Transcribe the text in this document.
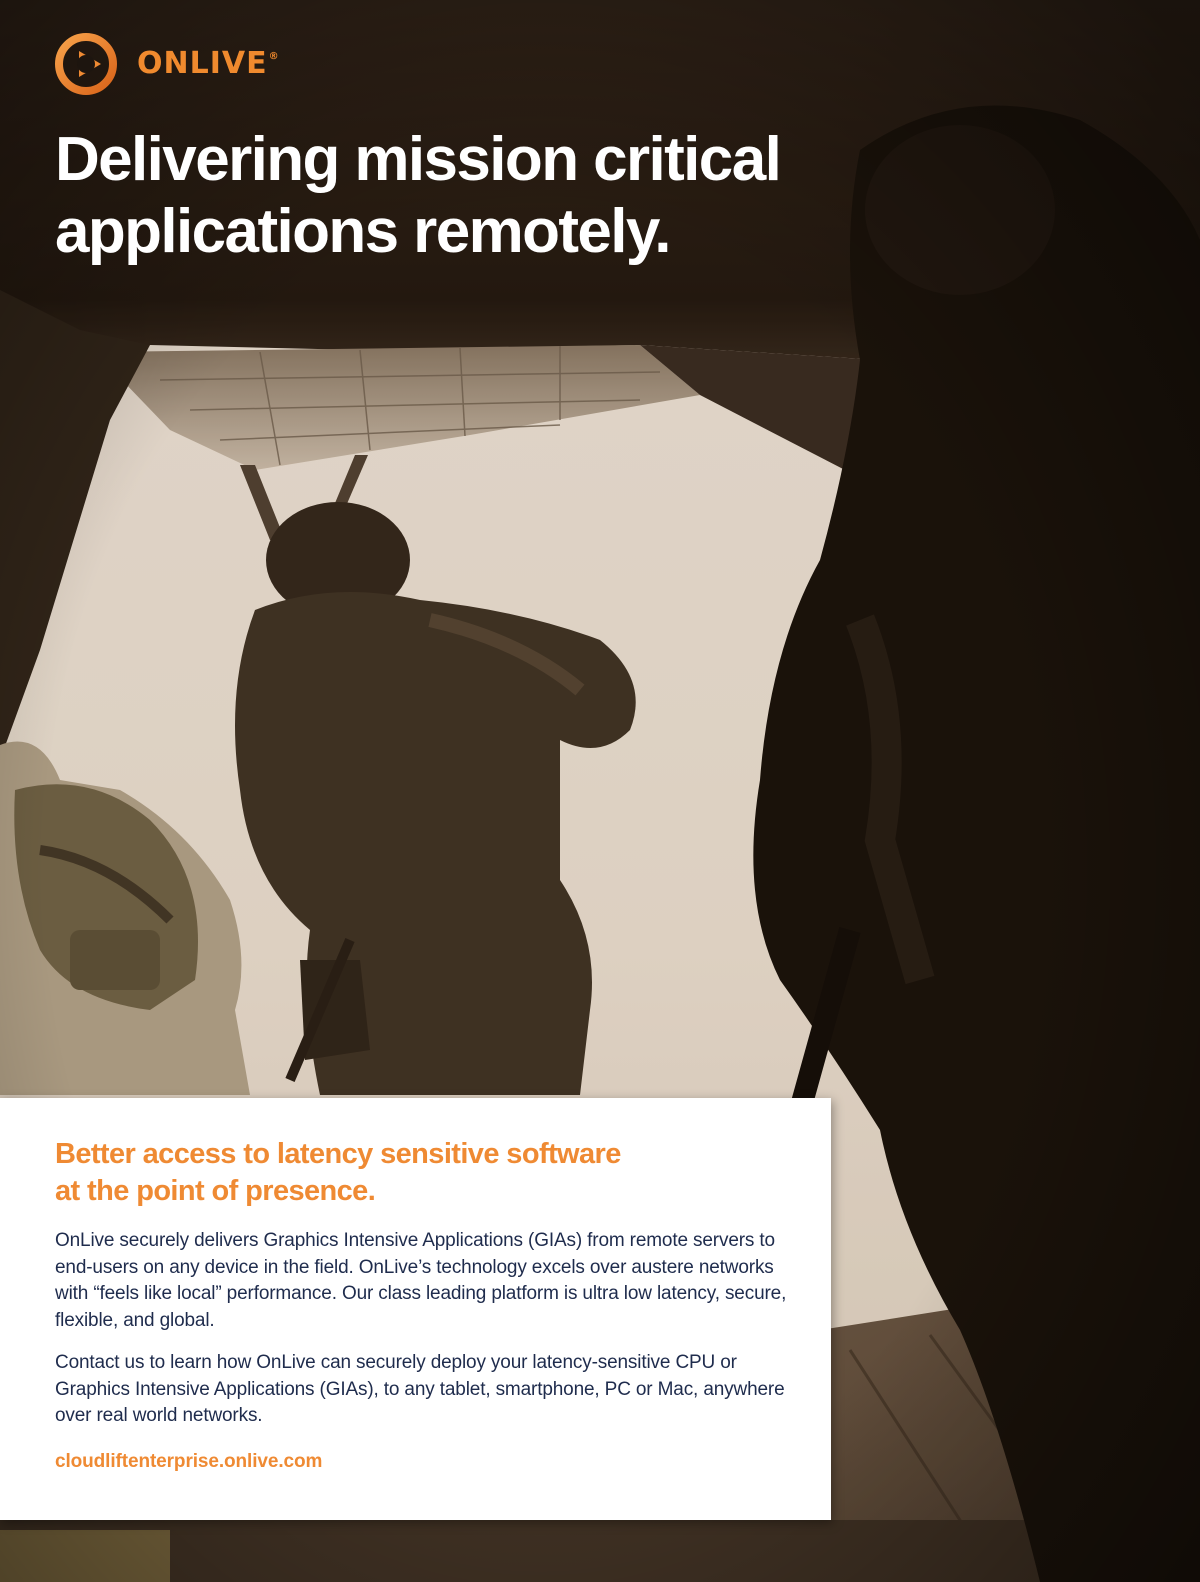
ONLIVE®
Delivering mission critical
applications remotely.
Better access to latency sensitive software
at the point of presence.

OnLive securely delivers Graphics Intensive Applications (GIAs) from remote servers to end-users on any device in the field. OnLive’s technology excels over austere networks with “feels like local” performance. Our class leading platform is ultra low latency, secure, flexible, and global.

Contact us to learn how OnLive can securely deploy your latency-sensitive CPU or Graphics Intensive Applications (GIAs), to any tablet, smartphone, PC or Mac, anywhere over real world networks.

cloudliftenterprise.onlive.com
